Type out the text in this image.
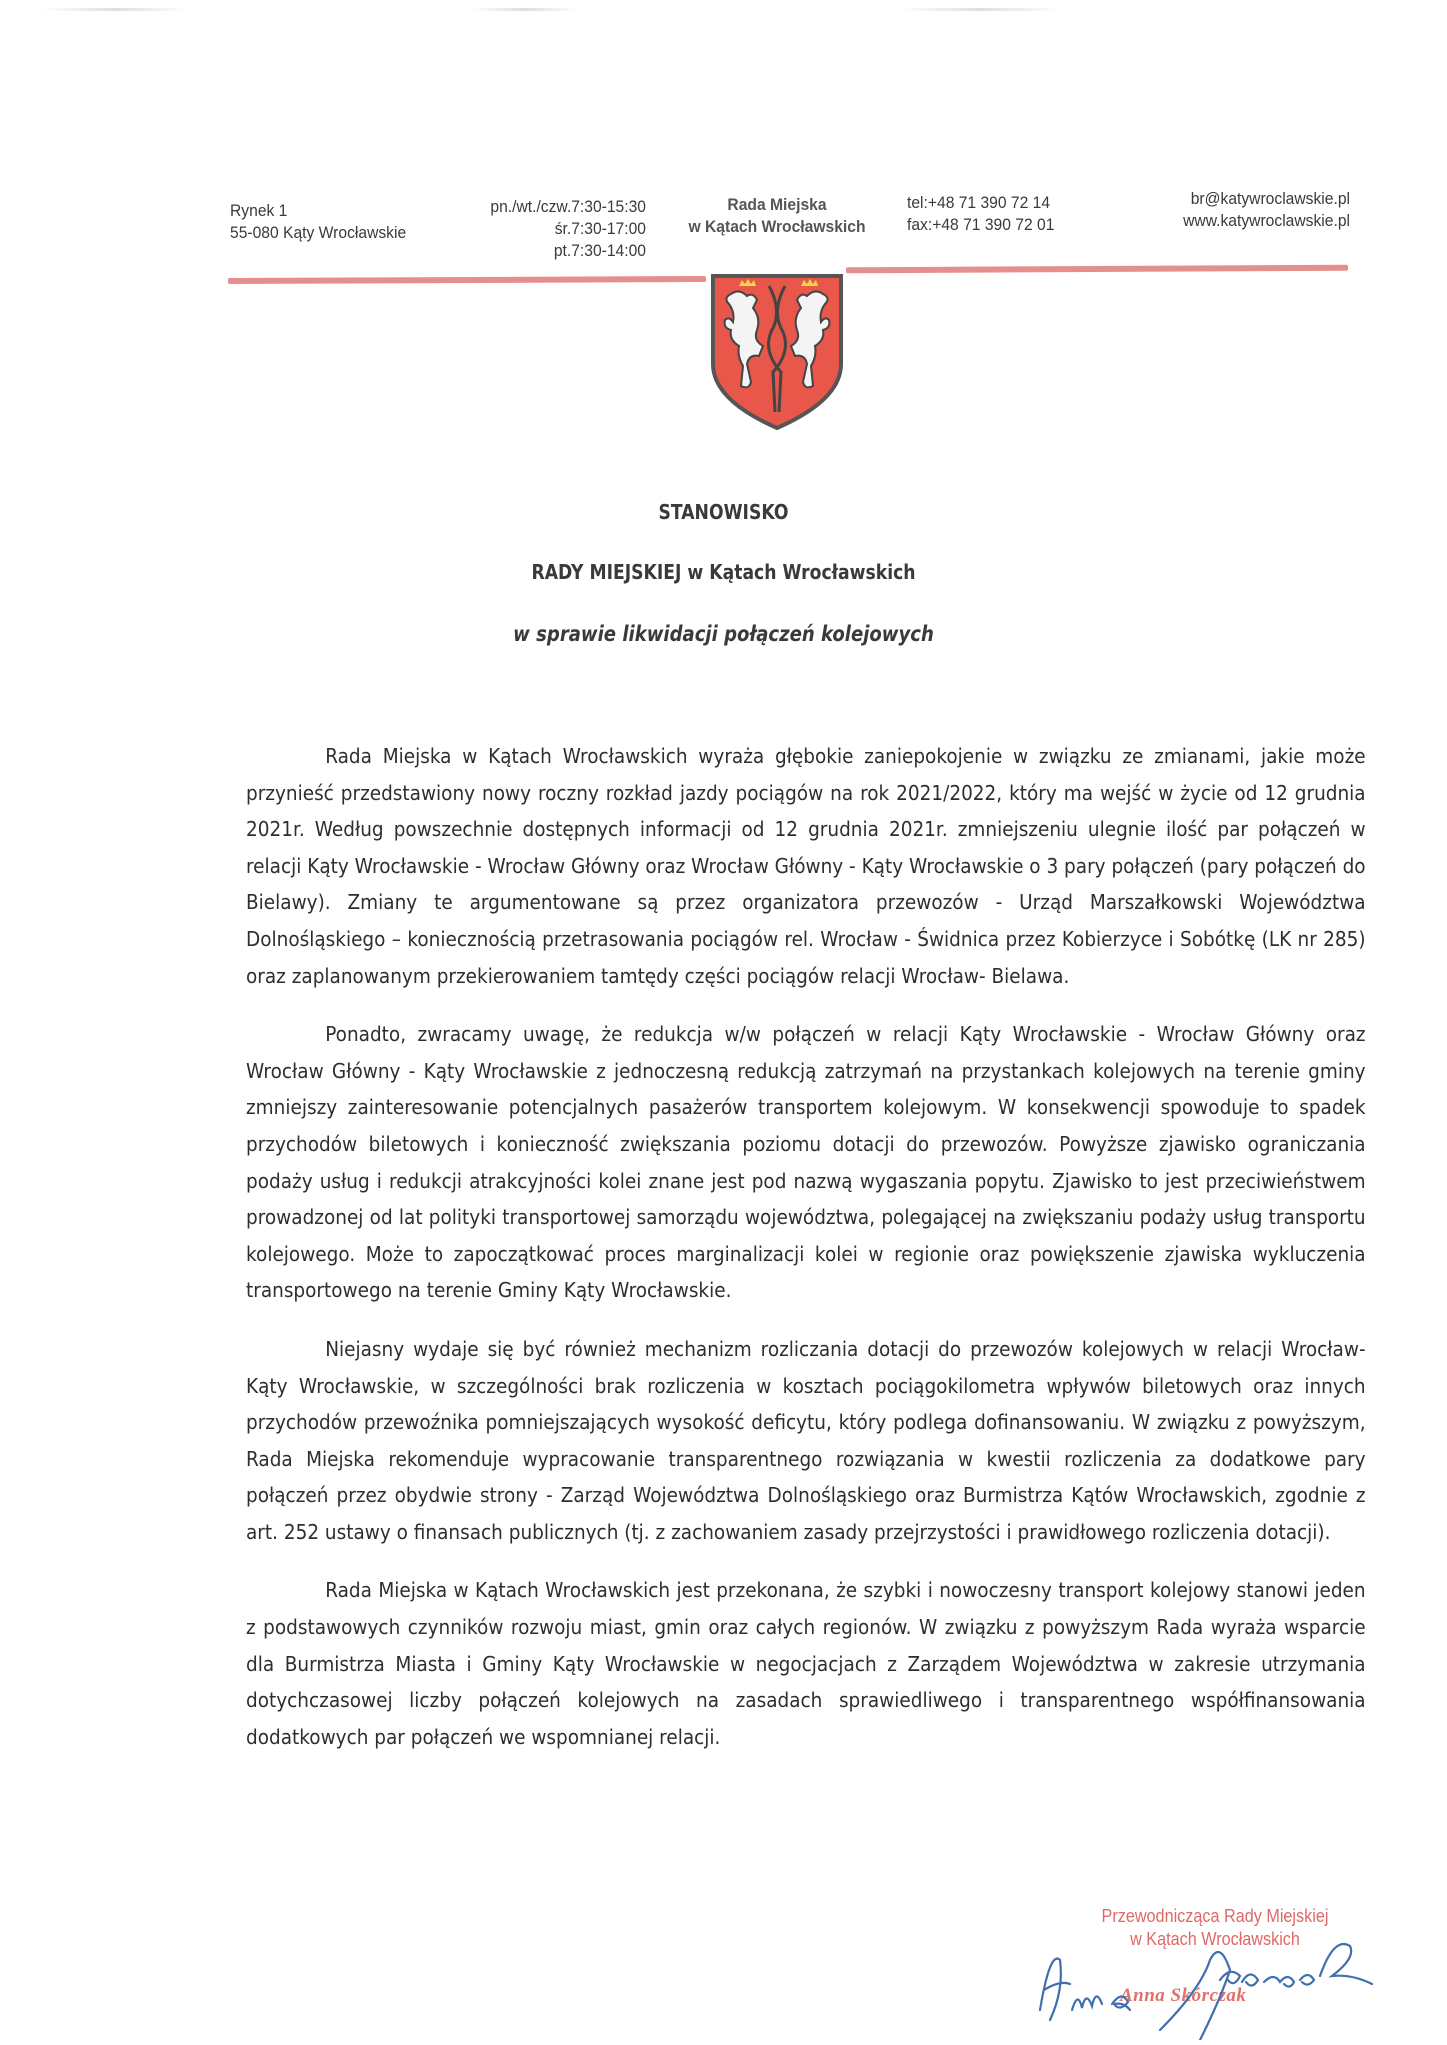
Rynek 1
55-080 Kąty Wrocławskie
pn./wt./czw.7:30-15:30
śr.7:30-17:00
pt.7:30-14:00
Rada Miejska
w Kątach Wrocławskich
tel:+48 71 390 72 14
fax:+48 71 390 72 01
br@katywroclawskie.pl
www.katywroclawskie.pl
STANOWISKO
RADY MIEJSKIEJ w Kątach Wrocławskich
w sprawie likwidacji połączeń kolejowych

Rada Miejska w Kątach Wrocławskich wyraża głębokie zaniepokojenie w związku ze zmianami, jakie może przynieść przedstawiony nowy roczny rozkład jazdy pociągów na rok 2021/2022, który ma wejść w życie od 12 grudnia 2021r. Według powszechnie dostępnych informacji od 12 grudnia 2021r. zmniejszeniu ulegnie ilość par połączeń w relacji Kąty Wrocławskie - Wrocław Główny oraz Wrocław Główny - Kąty Wrocławskie o 3 pary połączeń (pary połączeń do Bielawy). Zmiany te argumentowane są przez organizatora przewozów - Urząd Marszałkowski Województwa Dolnośląskiego – koniecznością przetrasowania pociągów rel. Wrocław - Świdnica przez Kobierzyce i Sobótkę (LK nr 285) oraz zaplanowanym przekierowaniem tamtędy części pociągów relacji Wrocław- Bielawa.

Ponadto, zwracamy uwagę, że redukcja w/w połączeń w relacji Kąty Wrocławskie - Wrocław Główny oraz Wrocław Główny - Kąty Wrocławskie z jednoczesną redukcją zatrzymań na przystankach kolejowych na terenie gminy zmniejszy zainteresowanie potencjalnych pasażerów transportem kolejowym. W konsekwencji spowoduje to spadek przychodów biletowych i konieczność zwiększania poziomu dotacji do przewozów. Powyższe zjawisko ograniczania podaży usług i redukcji atrakcyjności kolei znane jest pod nazwą wygaszania popytu. Zjawisko to jest przeciwieństwem prowadzonej od lat polityki transportowej samorządu województwa, polegającej na zwiększaniu podaży usług transportu kolejowego. Może to zapoczątkować proces marginalizacji kolei w regionie oraz powiększenie zjawiska wykluczenia transportowego na terenie Gminy Kąty Wrocławskie.

Niejasny wydaje się być również mechanizm rozliczania dotacji do przewozów kolejowych w relacji Wrocław-Kąty Wrocławskie, w szczególności brak rozliczenia w kosztach pociągokilometra wpływów biletowych oraz innych przychodów przewoźnika pomniejszających wysokość deficytu, który podlega dofinansowaniu. W związku z powyższym, Rada Miejska rekomenduje wypracowanie transparentnego rozwiązania w kwestii rozliczenia za dodatkowe pary połączeń przez obydwie strony - Zarząd Województwa Dolnośląskiego oraz Burmistrza Kątów Wrocławskich, zgodnie z art. 252 ustawy o finansach publicznych (tj. z zachowaniem zasady przejrzystości i prawidłowego rozliczenia dotacji).

Rada Miejska w Kątach Wrocławskich jest przekonana, że szybki i nowoczesny transport kolejowy stanowi jeden z podstawowych czynników rozwoju miast, gmin oraz całych regionów. W związku z powyższym Rada wyraża wsparcie dla Burmistrza Miasta i Gminy Kąty Wrocławskie w negocjacjach z Zarządem Województwa w zakresie utrzymania dotychczasowej liczby połączeń kolejowych na zasadach sprawiedliwego i transparentnego współfinansowania dodatkowych par połączeń we wspomnianej relacji.

Przewodnicząca Rady Miejskiej
w Kątach Wrocławskich
Anna Skórczak
